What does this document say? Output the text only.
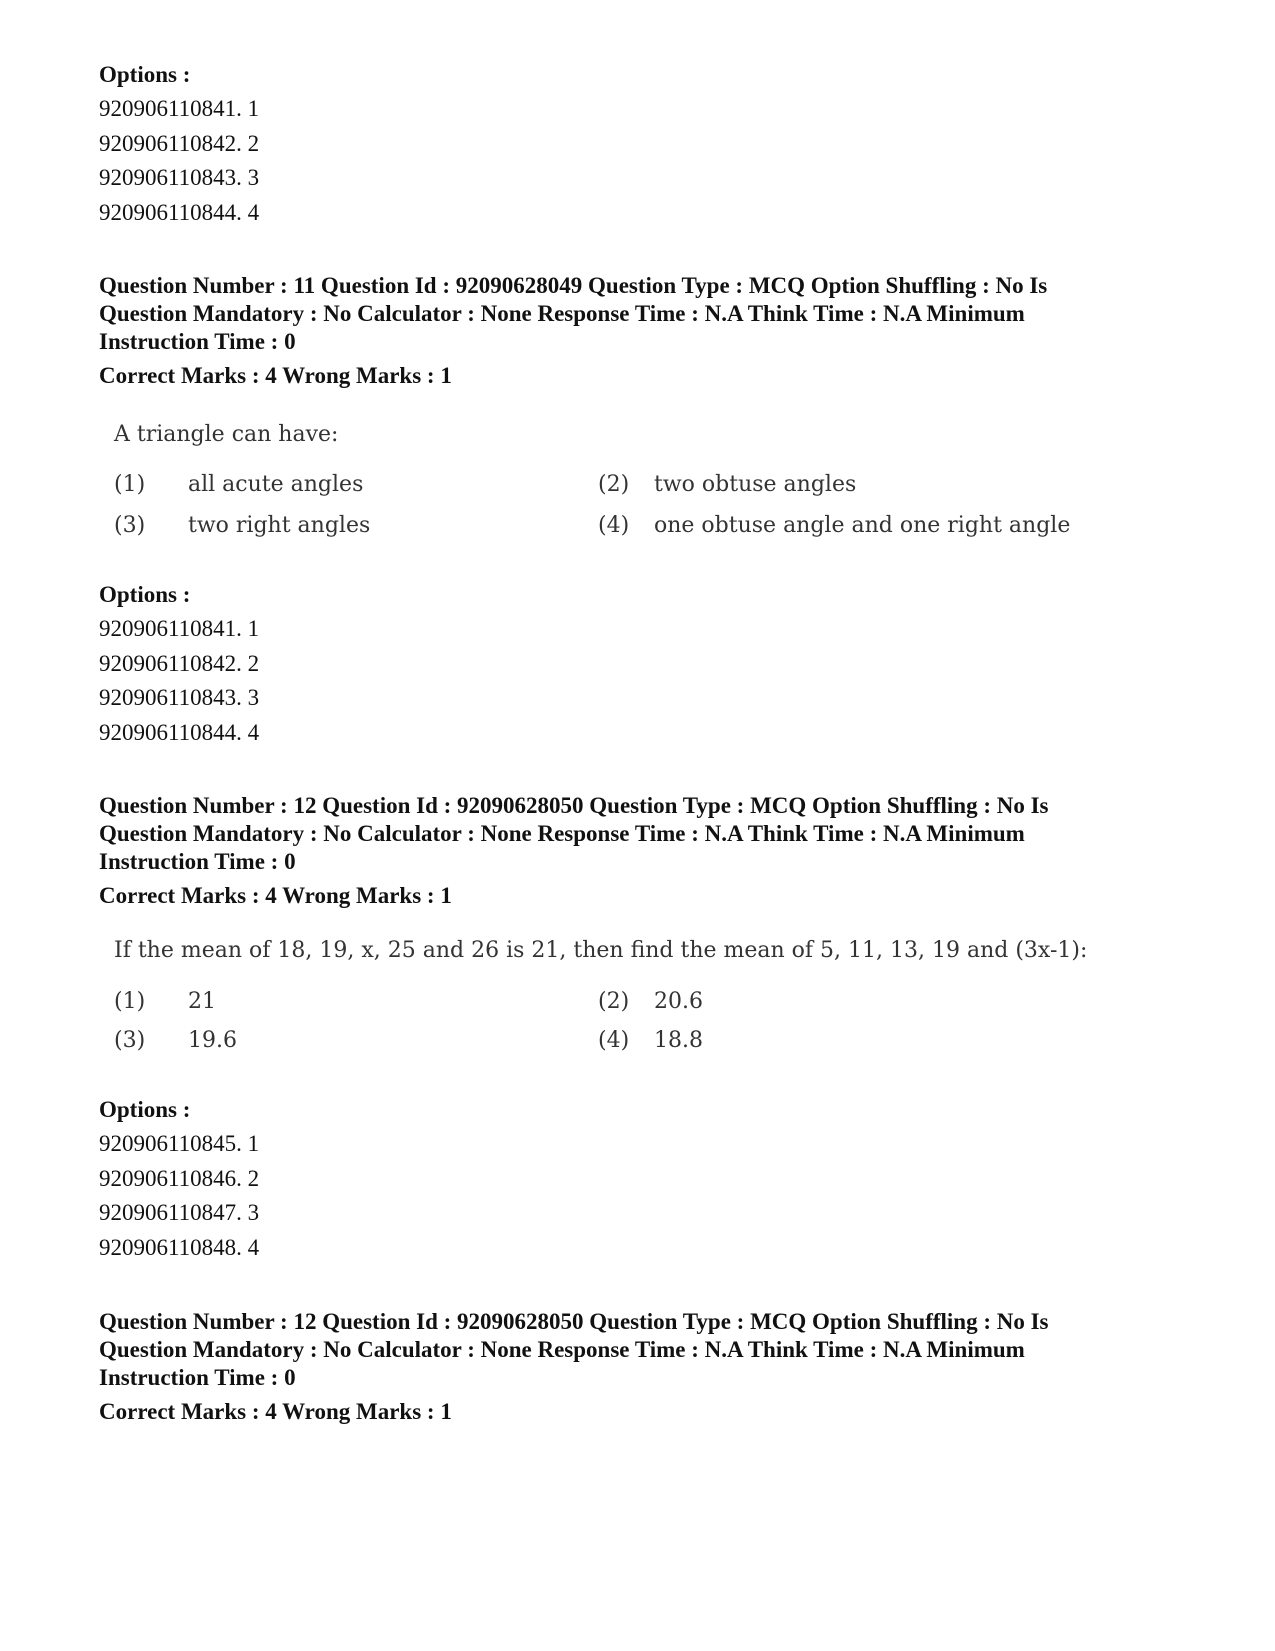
Options :
920906110841. 1
920906110842. 2
920906110843. 3
920906110844. 4
Question Number : 11 Question Id : 92090628049 Question Type : MCQ Option Shuffling : No Is
Question Mandatory : No Calculator : None Response Time : N.A Think Time : N.A Minimum
Instruction Time : 0
Correct Marks : 4 Wrong Marks : 1
A triangle can have:
(1) all acute angles	(2) two obtuse angles
(3) two right angles	(4) one obtuse angle and one right angle
Options :
920906110841. 1
920906110842. 2
920906110843. 3
920906110844. 4
Question Number : 12 Question Id : 92090628050 Question Type : MCQ Option Shuffling : No Is
Question Mandatory : No Calculator : None Response Time : N.A Think Time : N.A Minimum
Instruction Time : 0
Correct Marks : 4 Wrong Marks : 1
If the mean of 18, 19, x, 25 and 26 is 21, then find the mean of 5, 11, 13, 19 and (3x-1):
(1) 21	(2) 20.6
(3) 19.6	(4) 18.8
Options :
920906110845. 1
920906110846. 2
920906110847. 3
920906110848. 4
Question Number : 12 Question Id : 92090628050 Question Type : MCQ Option Shuffling : No Is
Question Mandatory : No Calculator : None Response Time : N.A Think Time : N.A Minimum
Instruction Time : 0
Correct Marks : 4 Wrong Marks : 1
